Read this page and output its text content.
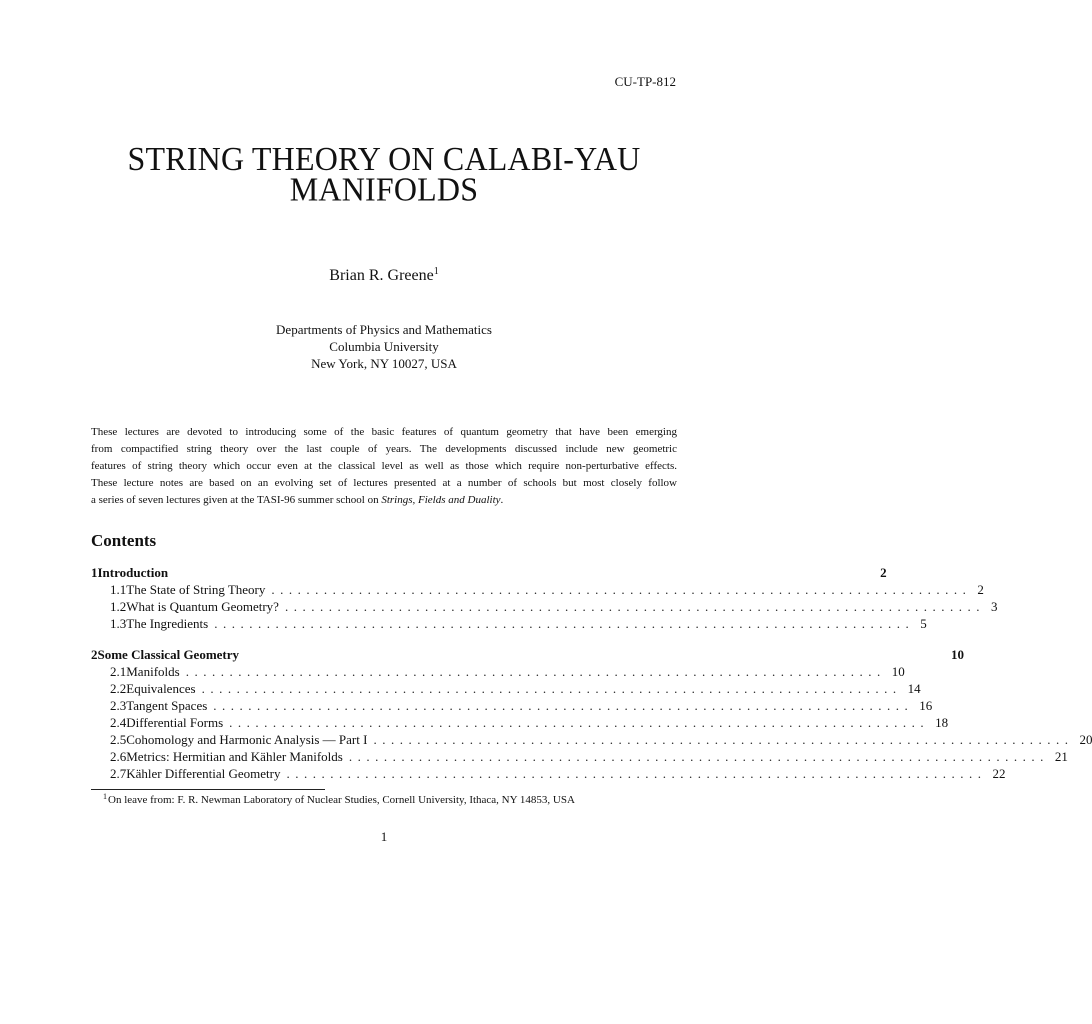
CU-TP-812
STRING THEORY ON CALABI-YAU
MANIFOLDS
Brian R. Greene$^1$
Departments of Physics and Mathematics
Columbia University
New York, NY 10027, USA
These lectures are devoted to introducing some of the basic features of quantum geometry that have been emerging
from compactified string theory over the last couple of years. The developments discussed include new geometric
features of string theory which occur even at the classical level as well as those which require non-perturbative effects.
These lecture notes are based on an evolving set of lectures presented at a number of schools but most closely follow
a series of seven lectures given at the TASI-96 summer school on Strings, Fields and Duality.
Contents
1 Introduction	2
1.1 The State of String Theory ................................................................................ 2
1.2 What is Quantum Geometry? ................................................................................ 3
1.3 The Ingredients ................................................................................ 5
2 Some Classical Geometry	10
2.1 Manifolds ................................................................................ 10
2.2 Equivalences ................................................................................ 14
2.3 Tangent Spaces ................................................................................ 16
2.4 Differential Forms ................................................................................ 18
2.5 Cohomology and Harmonic Analysis — Part I ................................................................................ 20
2.6 Metrics: Hermitian and Kähler Manifolds ................................................................................ 21
2.7 Kähler Differential Geometry ................................................................................ 22
$^1$On leave from: F. R. Newman Laboratory of Nuclear Studies, Cornell University, Ithaca, NY 14853, USA
1
